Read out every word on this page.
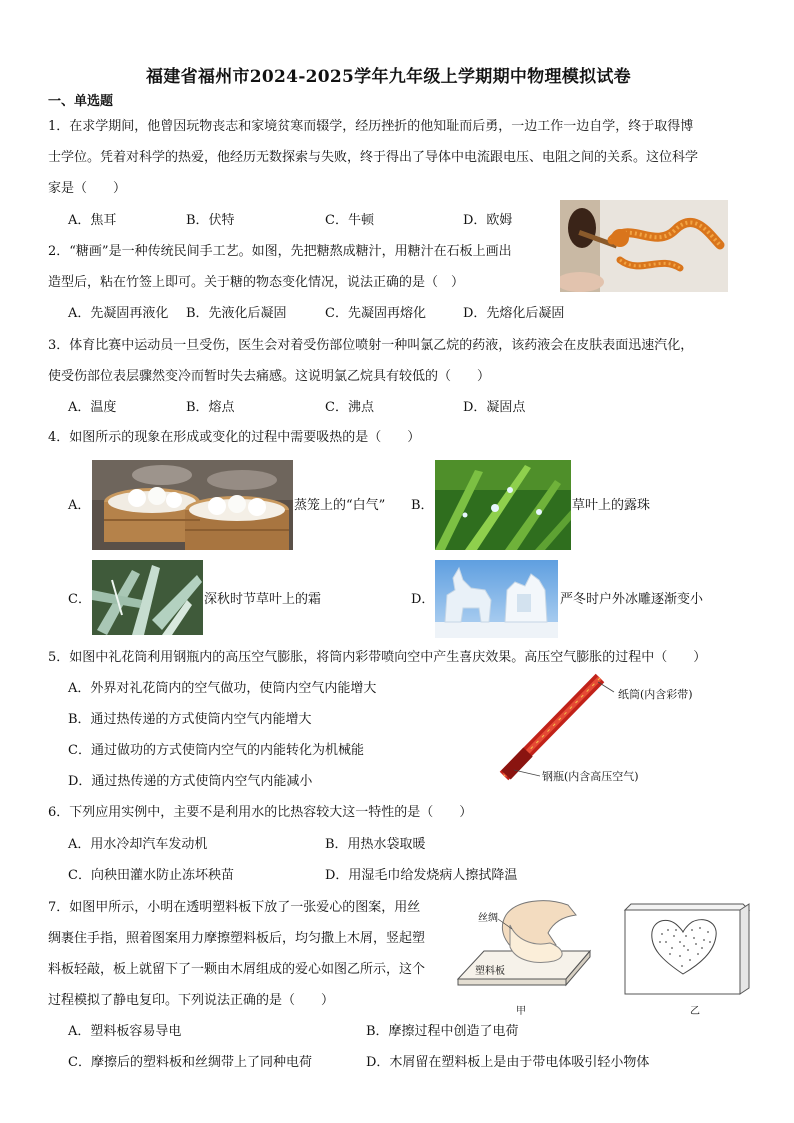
福建省福州市2024-2025学年九年级上学期期中物理模拟试卷
一、单选题
1．在求学期间，他曾因玩物丧志和家境贫寒而辍学，经历挫折的他知耻而后勇，一边工作一边自学，终于取得博
士学位。凭着对科学的热爱，他经历无数探索与失败，终于得出了导体中电流跟电压、电阻之间的关系。这位科学
家是（　　）
A．焦耳	B．伏特	C．牛顿	D．欧姆
2．“糖画”是一种传统民间手工艺。如图，先把糖熬成糖汁，用糖汁在石板上画出
造型后，粘在竹签上即可。关于糖的物态变化情况，说法正确的是（　）
A．先凝固再液化 B．先液化后凝固	C．先凝固再熔化	D．先熔化后凝固
3．体育比赛中运动员一旦受伤，医生会对着受伤部位喷射一种叫氯乙烷的药液，该药液会在皮肤表面迅速汽化，
使受伤部位表层骤然变冷而暂时失去痛感。这说明氯乙烷具有较低的（　　）
A．温度	B．熔点	C．沸点	D．凝固点
4．如图所示的现象在形成或变化的过程中需要吸热的是（　　）
A．	蒸笼上的“白气” B．	草叶上的露珠
C．	深秋时节草叶上的霜	D．	严冬时户外冰雕逐渐变小
5．如图中礼花筒利用钢瓶内的高压空气膨胀，将筒内彩带喷向空中产生喜庆效果。高压空气膨胀的过程中（　　）
A．外界对礼花筒内的空气做功，使筒内空气内能增大
B．通过热传递的方式使筒内空气内能增大
C．通过做功的方式使筒内空气的内能转化为机械能
D．通过热传递的方式使筒内空气内能减小
纸筒(内含彩带)
钢瓶(内含高压空气)
6．下列应用实例中，主要不是利用水的比热容较大这一特性的是（　　）
A．用水冷却汽车发动机	B．用热水袋取暖
C．向秧田灌水防止冻坏秧苗	D．用湿毛巾给发烧病人擦拭降温
7．如图甲所示，小明在透明塑料板下放了一张爱心的图案，用丝
绸裹住手指，照着图案用力摩擦塑料板后，均匀撒上木屑，竖起塑
料板轻敲，板上就留下了一颗由木屑组成的爱心如图乙所示，这个
过程模拟了静电复印。下列说法正确的是（　　）
丝绸
塑料板
甲	乙
A．塑料板容易导电	B．摩擦过程中创造了电荷
C．摩擦后的塑料板和丝绸带上了同种电荷	D．木屑留在塑料板上是由于带电体吸引轻小物体
